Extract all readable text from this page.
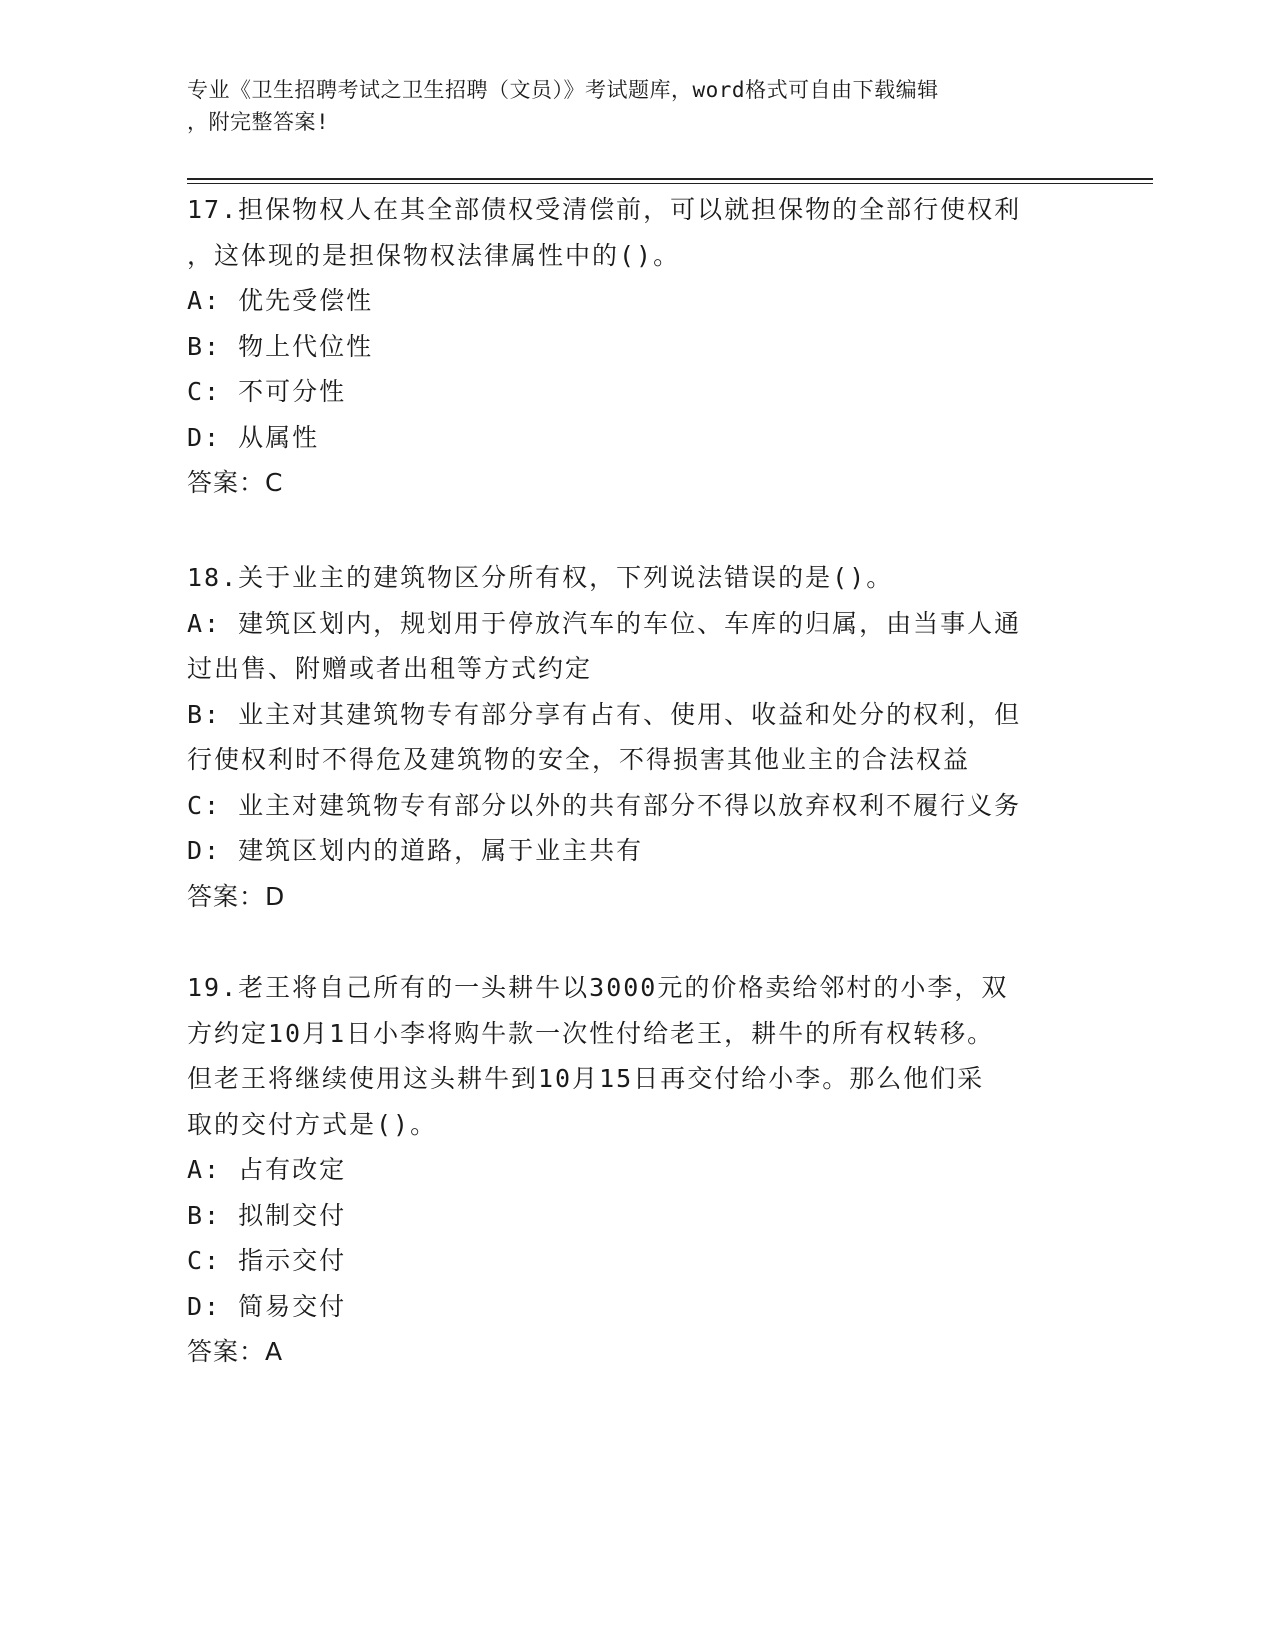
专业《卫生招聘考试之卫生招聘（文员）》考试题库，word格式可自由下载编辑
，附完整答案!
17.担保物权人在其全部债权受清偿前，可以就担保物的全部行使权利
，这体现的是担保物权法律属性中的()。
A: 优先受偿性
B: 物上代位性
C: 不可分性
D: 从属性
答案：C
18.关于业主的建筑物区分所有权，下列说法错误的是()。
A: 建筑区划内，规划用于停放汽车的车位、车库的归属，由当事人通
过出售、附赠或者出租等方式约定
B: 业主对其建筑物专有部分享有占有、使用、收益和处分的权利，但
行使权利时不得危及建筑物的安全，不得损害其他业主的合法权益
C: 业主对建筑物专有部分以外的共有部分不得以放弃权利不履行义务
D: 建筑区划内的道路，属于业主共有
答案：D
19.老王将自己所有的一头耕牛以3000元的价格卖给邻村的小李，双
方约定10月1日小李将购牛款一次性付给老王，耕牛的所有权转移。
但老王将继续使用这头耕牛到10月15日再交付给小李。那么他们采
取的交付方式是()。
A: 占有改定
B: 拟制交付
C: 指示交付
D: 简易交付
答案：A
